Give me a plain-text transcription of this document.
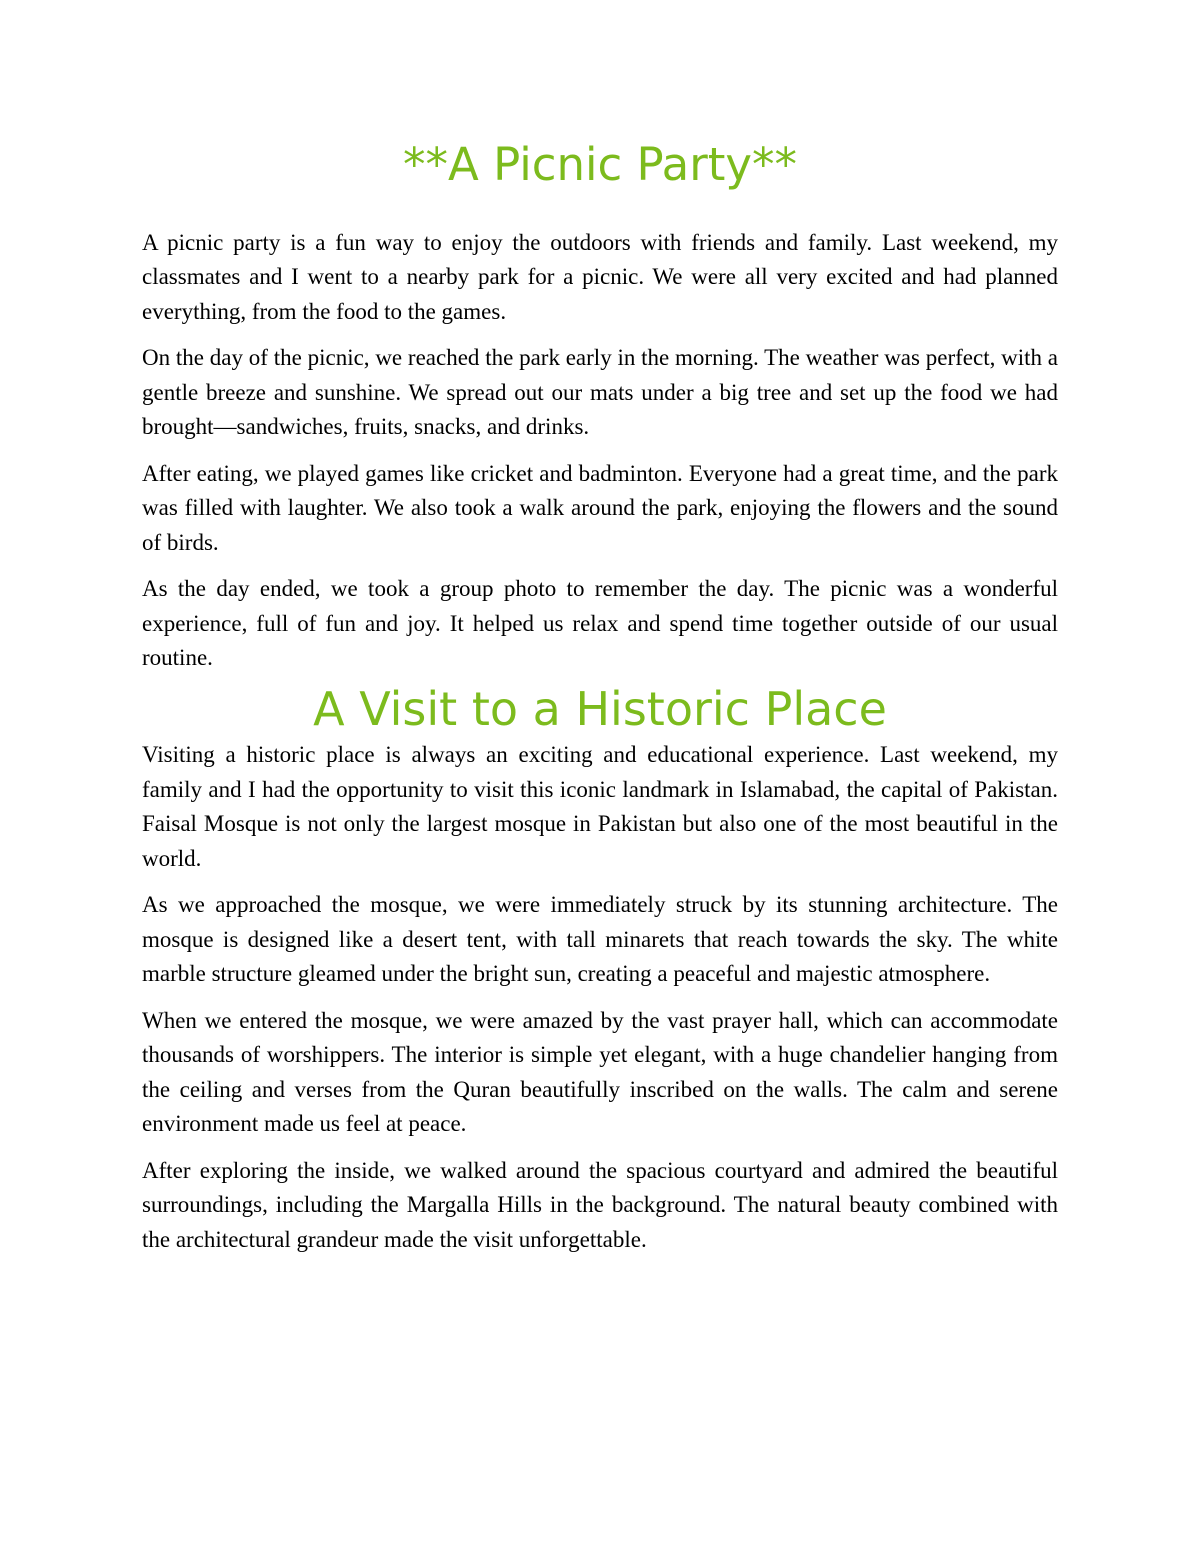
**A Picnic Party**

A picnic party is a fun way to enjoy the outdoors with friends and family. Last weekend, my classmates and I went to a nearby park for a picnic. We were all very excited and had planned everything, from the food to the games.

On the day of the picnic, we reached the park early in the morning. The weather was perfect, with a gentle breeze and sunshine. We spread out our mats under a big tree and set up the food we had brought—sandwiches, fruits, snacks, and drinks.

After eating, we played games like cricket and badminton. Everyone had a great time, and the park was filled with laughter. We also took a walk around the park, enjoying the flowers and the sound of birds.

As the day ended, we took a group photo to remember the day. The picnic was a wonderful experience, full of fun and joy. It helped us relax and spend time together outside of our usual routine.

A Visit to a Historic Place

Visiting a historic place is always an exciting and educational experience. Last weekend, my family and I had the opportunity to visit this iconic landmark in Islamabad, the capital of Pakistan. Faisal Mosque is not only the largest mosque in Pakistan but also one of the most beautiful in the world.

As we approached the mosque, we were immediately struck by its stunning architecture. The mosque is designed like a desert tent, with tall minarets that reach towards the sky. The white marble structure gleamed under the bright sun, creating a peaceful and majestic atmosphere.

When we entered the mosque, we were amazed by the vast prayer hall, which can accommodate thousands of worshippers. The interior is simple yet elegant, with a huge chandelier hanging from the ceiling and verses from the Quran beautifully inscribed on the walls. The calm and serene environment made us feel at peace.

After exploring the inside, we walked around the spacious courtyard and admired the beautiful surroundings, including the Margalla Hills in the background. The natural beauty combined with the architectural grandeur made the visit unforgettable.
